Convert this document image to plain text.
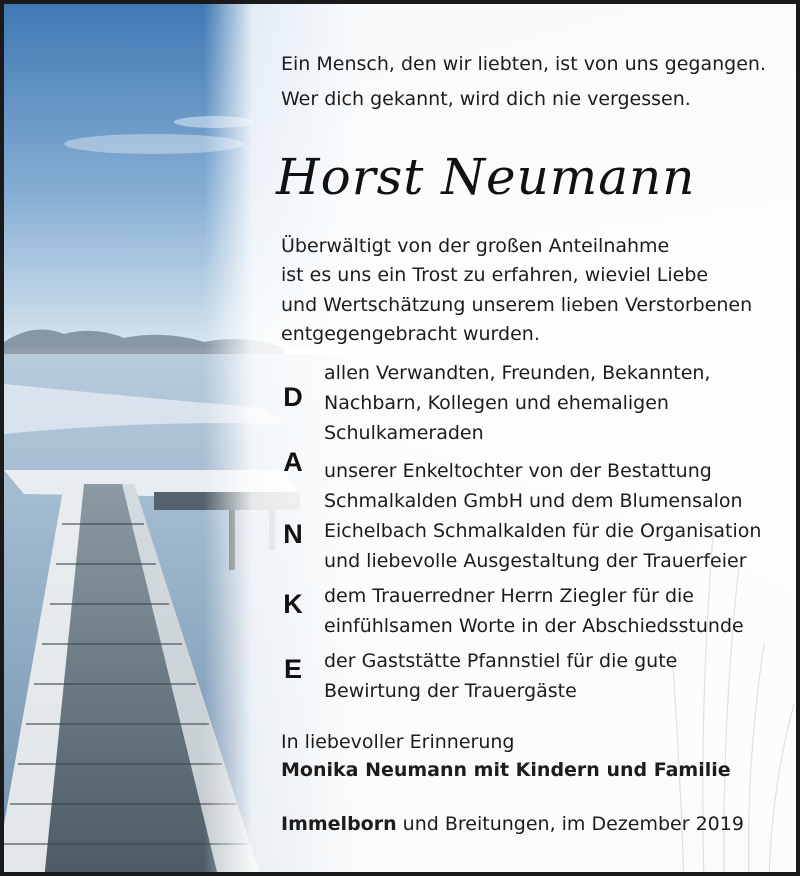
Ein Mensch, den wir liebten, ist von uns gegangen.
Wer dich gekannt, wird dich nie vergessen.
Horst Neumann
Überwältigt von der großen Anteilnahme
ist es uns ein Trost zu erfahren, wieviel Liebe
und Wertschätzung unserem lieben Verstorbenen
entgegengebracht wurden.
D
A
N
K
E
allen Verwandten, Freunden, Bekannten,
Nachbarn, Kollegen und ehemaligen
Schulkameraden
unserer Enkeltochter von der Bestattung
Schmalkalden GmbH und dem Blumensalon
Eichelbach Schmalkalden für die Organisation
und liebevolle Ausgestaltung der Trauerfeier
dem Trauerredner Herrn Ziegler für die
einfühlsamen Worte in der Abschiedsstunde
der Gaststätte Pfannstiel für die gute
Bewirtung der Trauergäste
In liebevoller Erinnerung
Monika Neumann mit Kindern und Familie
Immelborn und Breitungen, im Dezember 2019
